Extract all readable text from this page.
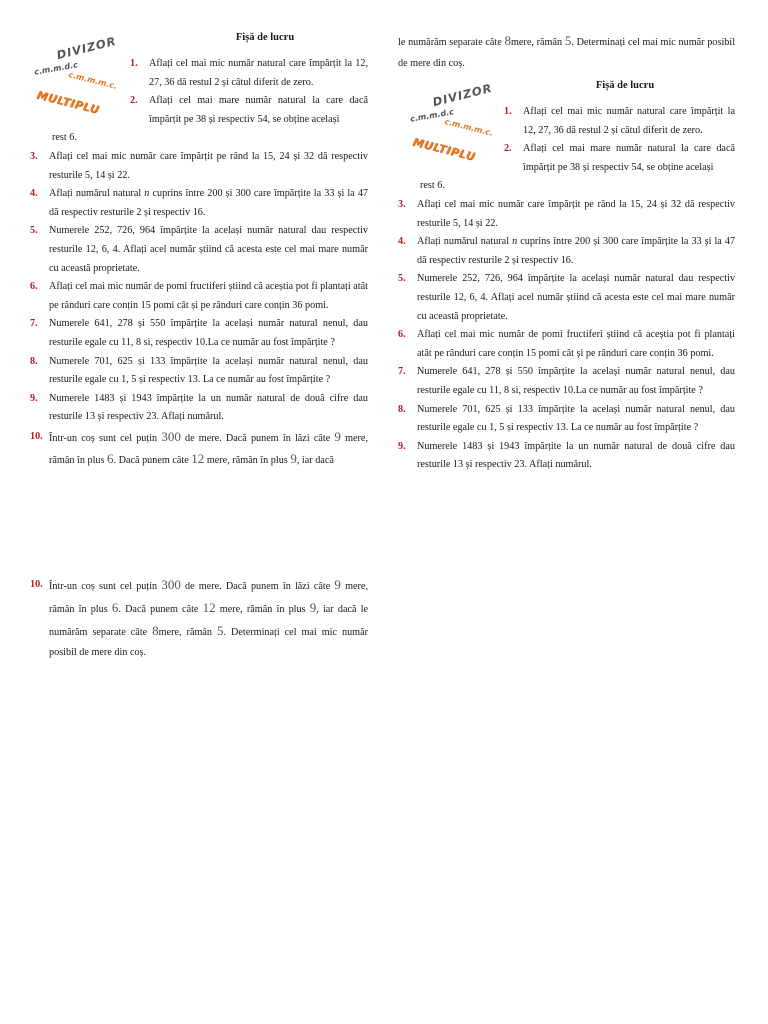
Fișă de lucru
DIVIZOR
c.m.m.d.c
c.m.m.m.c.
MULTIPLU
1. Aflați cel mai mic număr natural care împărțit la 12, 27, 36 dă restul 2 și câtul diferit de zero.
2. Aflați cel mai mare număr natural la care dacă împărțit pe 38 și respectiv 54, se obține același

rest 6.

3. Aflați cel mai mic număr care împărțit pe rând la 15, 24 și 32 dă respectiv resturile 5, 14 și 22.
4. Aflați numărul natural n cuprins între 200 și 300 care împărțite la 33 și la 47 dă respectiv resturile 2 și respectiv 16.
5. Numerele 252, 726, 964 împărțite la același număr natural dau respectiv resturile 12, 6, 4. Aflați acel număr știind că acesta este cel mai mare număr cu această proprietate.
6. Aflați cel mai mic număr de pomi fructiferi știind că aceștia pot fi plantați atât pe rânduri care conțin 15 pomi cât și pe rânduri care conțin 36 pomi.
7. Numerele 641, 278 și 550 împărțite la același număr natural nenul, dau resturile egale cu 11, 8 si, respectiv 10.La ce număr au fost împărțite ?
8. Numerele 701, 625 și 133 împărțite la același număr natural nenul, dau resturile egale cu 1, 5 și respectiv 13. La ce număr au fost împărțite ?
9. Numerele 1483 și 1943 împărțite la un număr natural de două cifre dau resturile 13 și respectiv 23. Aflați numărul.
10. Într-un coș sunt cel puțin 300 de mere. Dacă punem în lăzi câte 9 mere, rămân în plus 6. Dacă punem câte 12 mere, rămân în plus 9, iar dacă
10. Într-un coș sunt cel puțin 300 de mere. Dacă punem în lăzi câte 9 mere, rămân în plus 6. Dacă punem câte 12 mere, rămân în plus 9, iar dacă le numărăm separate câte 8mere, rămân 5. Determinați cel mai mic număr posibil de mere din coș.

le numărăm separate câte 8mere, rămân 5. Determinați cel mai mic număr posibil de mere din coș.

Fișă de lucru
DIVIZOR
c.m.m.d.c
c.m.m.m.c.
MULTIPLU
1. Aflați cel mai mic număr natural care împărțit la 12, 27, 36 dă restul 2 și câtul diferit de zero.
2. Aflați cel mai mare număr natural la care dacă împărțit pe 38 și respectiv 54, se obține același

rest 6.

3. Aflați cel mai mic număr care împărțit pe rând la 15, 24 și 32 dă respectiv resturile 5, 14 și 22.
4. Aflați numărul natural n cuprins între 200 și 300 care împărțite la 33 și la 47 dă respectiv resturile 2 și respectiv 16.
5. Numerele 252, 726, 964 împărțite la același număr natural dau respectiv resturile 12, 6, 4. Aflați acel număr știind că acesta este cel mai mare număr cu această proprietate.
6. Aflați cel mai mic număr de pomi fructiferi știind că aceștia pot fi plantați atât pe rânduri care conțin 15 pomi cât și pe rânduri care conțin 36 pomi.
7. Numerele 641, 278 și 550 împărțite la același număr natural nenul, dau resturile egale cu 11, 8 si, respectiv 10.La ce număr au fost împărțite ?
8. Numerele 701, 625 și 133 împărțite la același număr natural nenul, dau resturile egale cu 1, 5 și respectiv 13. La ce număr au fost împărțite ?
9. Numerele 1483 și 1943 împărțite la un număr natural de două cifre dau resturile 13 și respectiv 23. Aflați numărul.
